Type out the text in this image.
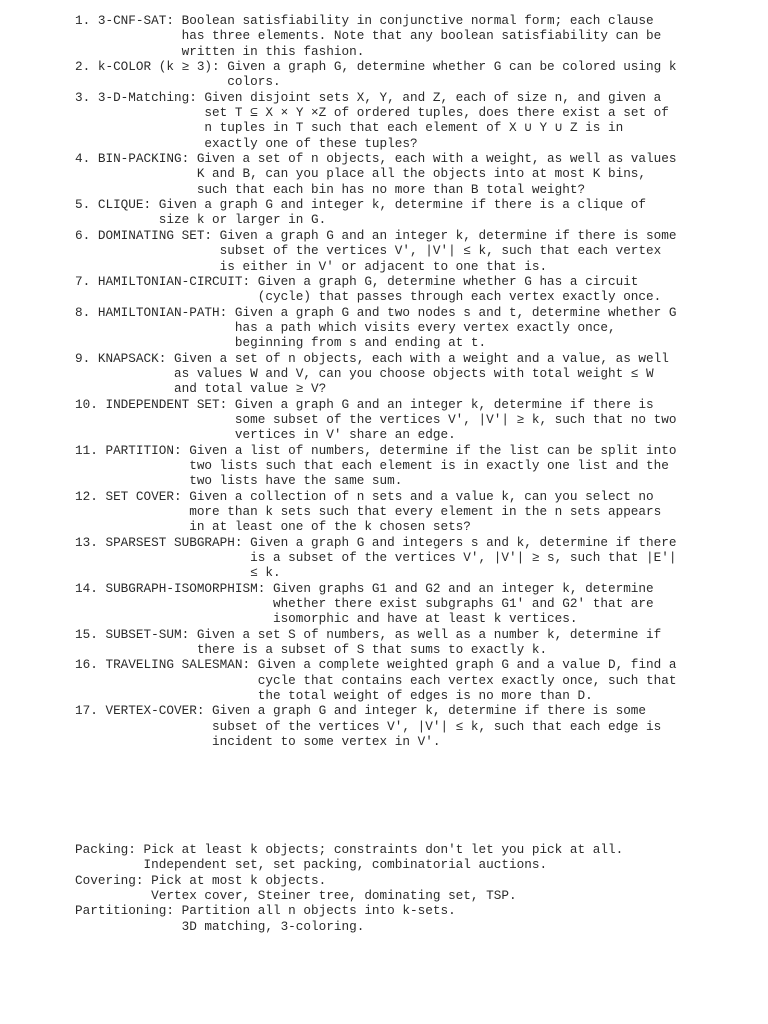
1. 3-CNF-SAT: Boolean satisfiability in conjunctive normal form; each clause
has three elements. Note that any boolean satisfiability can be
written in this fashion.
2. k-COLOR (k ≥ 3): Given a graph G, determine whether G can be colored using k
colors.
3. 3-D-Matching: Given disjoint sets X, Y, and Z, each of size n, and given a
set T ⊆ X × Y ×Z of ordered tuples, does there exist a set of
n tuples in T such that each element of X ∪ Y ∪ Z is in
exactly one of these tuples?
4. BIN-PACKING: Given a set of n objects, each with a weight, as well as values
K and B, can you place all the objects into at most K bins,
such that each bin has no more than B total weight?
5. CLIQUE: Given a graph G and integer k, determine if there is a clique of
size k or larger in G.
6. DOMINATING SET: Given a graph G and an integer k, determine if there is some
subset of the vertices V', |V'| ≤ k, such that each vertex
is either in V' or adjacent to one that is.
7. HAMILTONIAN-CIRCUIT: Given a graph G, determine whether G has a circuit
(cycle) that passes through each vertex exactly once.
8. HAMILTONIAN-PATH: Given a graph G and two nodes s and t, determine whether G
has a path which visits every vertex exactly once,
beginning from s and ending at t.
9. KNAPSACK: Given a set of n objects, each with a weight and a value, as well
as values W and V, can you choose objects with total weight ≤ W
and total value ≥ V?
10. INDEPENDENT SET: Given a graph G and an integer k, determine if there is
some subset of the vertices V', |V'| ≥ k, such that no two
vertices in V' share an edge.
11. PARTITION: Given a list of numbers, determine if the list can be split into
two lists such that each element is in exactly one list and the
two lists have the same sum.
12. SET COVER: Given a collection of n sets and a value k, can you select no
more than k sets such that every element in the n sets appears
in at least one of the k chosen sets?
13. SPARSEST SUBGRAPH: Given a graph G and integers s and k, determine if there
is a subset of the vertices V', |V'| ≥ s, such that |E'|
≤ k.
14. SUBGRAPH-ISOMORPHISM: Given graphs G1 and G2 and an integer k, determine
whether there exist subgraphs G1' and G2' that are
isomorphic and have at least k vertices.
15. SUBSET-SUM: Given a set S of numbers, as well as a number k, determine if
there is a subset of S that sums to exactly k.
16. TRAVELING SALESMAN: Given a complete weighted graph G and a value D, find a
cycle that contains each vertex exactly once, such that
the total weight of edges is no more than D.
17. VERTEX-COVER: Given a graph G and integer k, determine if there is some
subset of the vertices V', |V'| ≤ k, such that each edge is
incident to some vertex in V'.
Packing: Pick at least k objects; constraints don't let you pick at all.
Independent set, set packing, combinatorial auctions.
Covering: Pick at most k objects.
Vertex cover, Steiner tree, dominating set, TSP.
Partitioning: Partition all n objects into k-sets.
3D matching, 3-coloring.
